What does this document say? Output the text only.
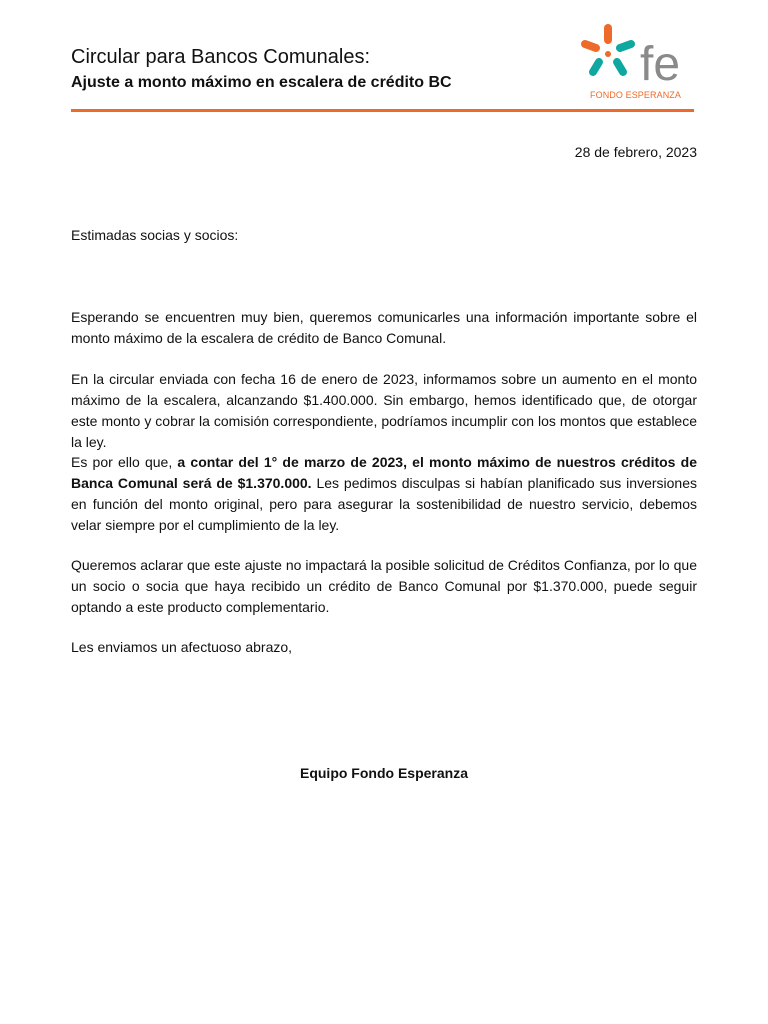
Circular para Bancos Comunales:
Ajuste a monto máximo en escalera de crédito BC	fe
FONDO ESPERANZA
28 de febrero, 2023
Estimadas socias y socios:

Esperando se encuentren muy bien, queremos comunicarles una información importante sobre el monto máximo de la escalera de crédito de Banco Comunal.

En la circular enviada con fecha 16 de enero de 2023, informamos sobre un aumento en el monto máximo de la escalera, alcanzando $1.400.000. Sin embargo, hemos identificado que, de otorgar este monto y cobrar la comisión correspondiente, podríamos incumplir con los montos que establece la ley.

Es por ello que, a contar del 1° de marzo de 2023, el monto máximo de nuestros créditos de Banca Comunal será de $1.370.000. Les pedimos disculpas si habían planificado sus inversiones en función del monto original, pero para asegurar la sostenibilidad de nuestro servicio, debemos velar siempre por el cumplimiento de la ley.

Queremos aclarar que este ajuste no impactará la posible solicitud de Créditos Confianza, por lo que un socio o socia que haya recibido un crédito de Banco Comunal por $1.370.000, puede seguir optando a este producto complementario.

Les enviamos un afectuoso abrazo,
Equipo Fondo Esperanza
